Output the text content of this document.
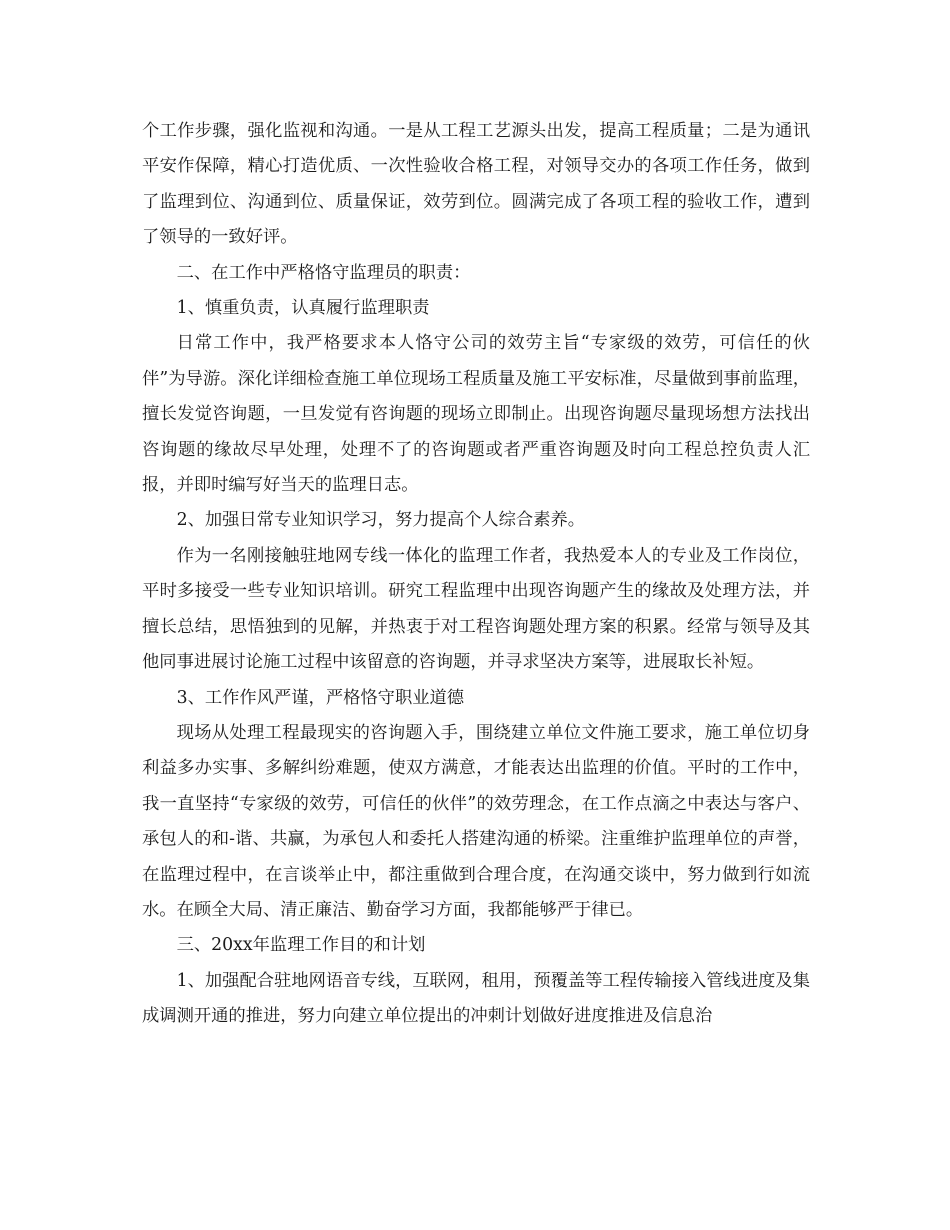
个工作步骤，强化监视和沟通。一是从工程工艺源头出发，提高工程质量；二是为通讯平安作保障，精心打造优质、一次性验收合格工程，对领导交办的各项工作任务，做到了监理到位、沟通到位、质量保证，效劳到位。圆满完成了各项工程的验收工作，遭到了领导的一致好评。

二、在工作中严格恪守监理员的职责：

1、慎重负责，认真履行监理职责

日常工作中，我严格要求本人恪守公司的效劳主旨“专家级的效劳，可信任的伙伴”为导游。深化详细检查施工单位现场工程质量及施工平安标准，尽量做到事前监理，擅长发觉咨询题，一旦发觉有咨询题的现场立即制止。出现咨询题尽量现场想方法找出咨询题的缘故尽早处理，处理不了的咨询题或者严重咨询题及时向工程总控负责人汇报，并即时编写好当天的监理日志。

2、加强日常专业知识学习，努力提高个人综合素养。

作为一名刚接触驻地网专线一体化的监理工作者，我热爱本人的专业及工作岗位，平时多接受一些专业知识培训。研究工程监理中出现咨询题产生的缘故及处理方法，并擅长总结，思悟独到的见解，并热衷于对工程咨询题处理方案的积累。经常与领导及其他同事进展讨论施工过程中该留意的咨询题，并寻求坚决方案等，进展取长补短。

3、工作作风严谨，严格恪守职业道德

现场从处理工程最现实的咨询题入手，围绕建立单位文件施工要求，施工单位切身利益多办实事、多解纠纷难题，使双方满意，才能表达出监理的价值。平时的工作中，我一直坚持“专家级的效劳，可信任的伙伴”的效劳理念，在工作点滴之中表达与客户、承包人的和-谐、共赢，为承包人和委托人搭建沟通的桥梁。注重维护监理单位的声誉，在监理过程中，在言谈举止中，都注重做到合理合度，在沟通交谈中，努力做到行如流水。在顾全大局、清正廉洁、勤奋学习方面，我都能够严于律已。

三、20xx年监理工作目的和计划

1、加强配合驻地网语音专线，互联网，租用，预覆盖等工程传输接入管线进度及集成调测开通的推进，努力向建立单位提出的冲刺计划做好进度推进及信息治
